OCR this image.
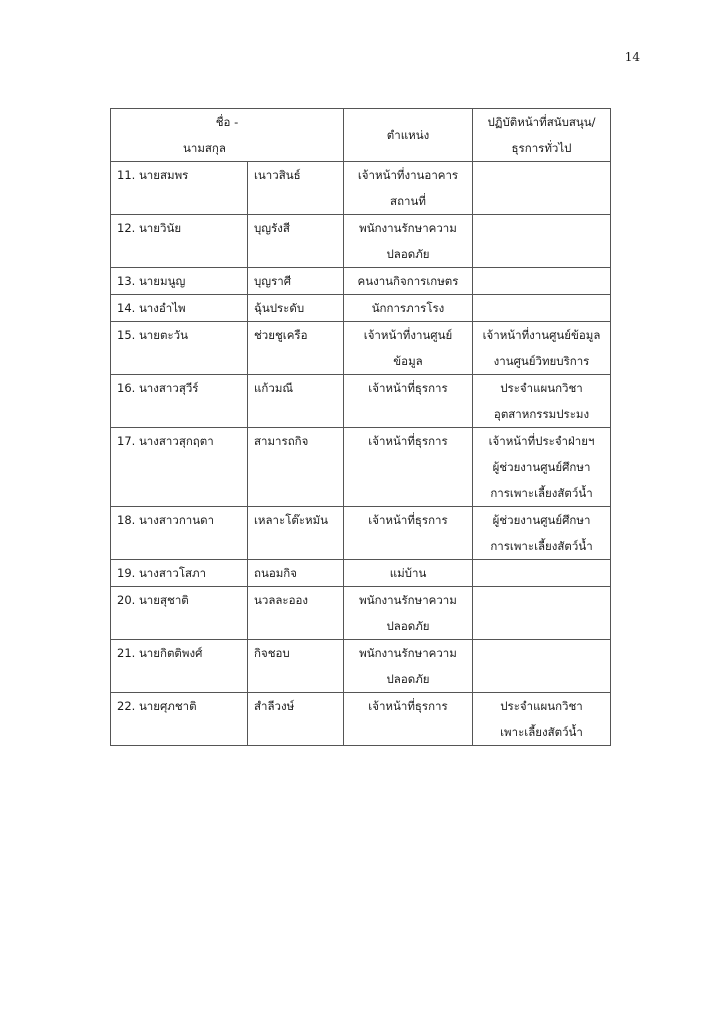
14
ชื่อ -นามสกุล		ตำแหน่ง	ปฏิบัติหน้าที่สนับสนุน/ ธุรการทั่วไป
11. นายสมพร	เนาวสินธ์	เจ้าหน้าที่งานอาคาร
สถานที่	

12. นายวินัย	บุญรังสี	พนักงานรักษาความ
ปลอดภัย	

13. นายมนูญ	บุญราศี	คนงานกิจการเกษตร	

14. นางอำไพ	ฉุ้นประดับ	นักการภารโรง	

15. นายตะวัน	ช่วยชูเครือ	เจ้าหน้าที่งานศูนย์
ข้อมูล	เจ้าหน้าที่งานศูนย์ข้อมูล
งานศูนย์วิทยบริการ

16. นางสาวสุวีร์	แก้วมณี	เจ้าหน้าที่ธุรการ	ประจำแผนกวิชา
อุตสาหกรรมประมง

17. นางสาวสุกฤตา	สามารถกิจ	เจ้าหน้าที่ธุรการ	เจ้าหน้าที่ประจำฝ่ายฯ
ผู้ช่วยงานศูนย์ศึกษา
การเพาะเลี้ยงสัตว์น้ำ

18. นางสาวกานดา	เหลาะโต๊ะหมัน	เจ้าหน้าที่ธุรการ	ผู้ช่วยงานศูนย์ศึกษา
การเพาะเลี้ยงสัตว์น้ำ

19. นางสาวโสภา	ถนอมกิจ	แม่บ้าน	

20. นายสุชาติ	นวลละออง	พนักงานรักษาความ
ปลอดภัย	

21. นายกิตติพงศ์	กิจชอบ	พนักงานรักษาความ
ปลอดภัย	

22. นายศุภชาติ	สำลีวงษ์	เจ้าหน้าที่ธุรการ	ประจำแผนกวิชา
เพาะเลี้ยงสัตว์น้ำ
